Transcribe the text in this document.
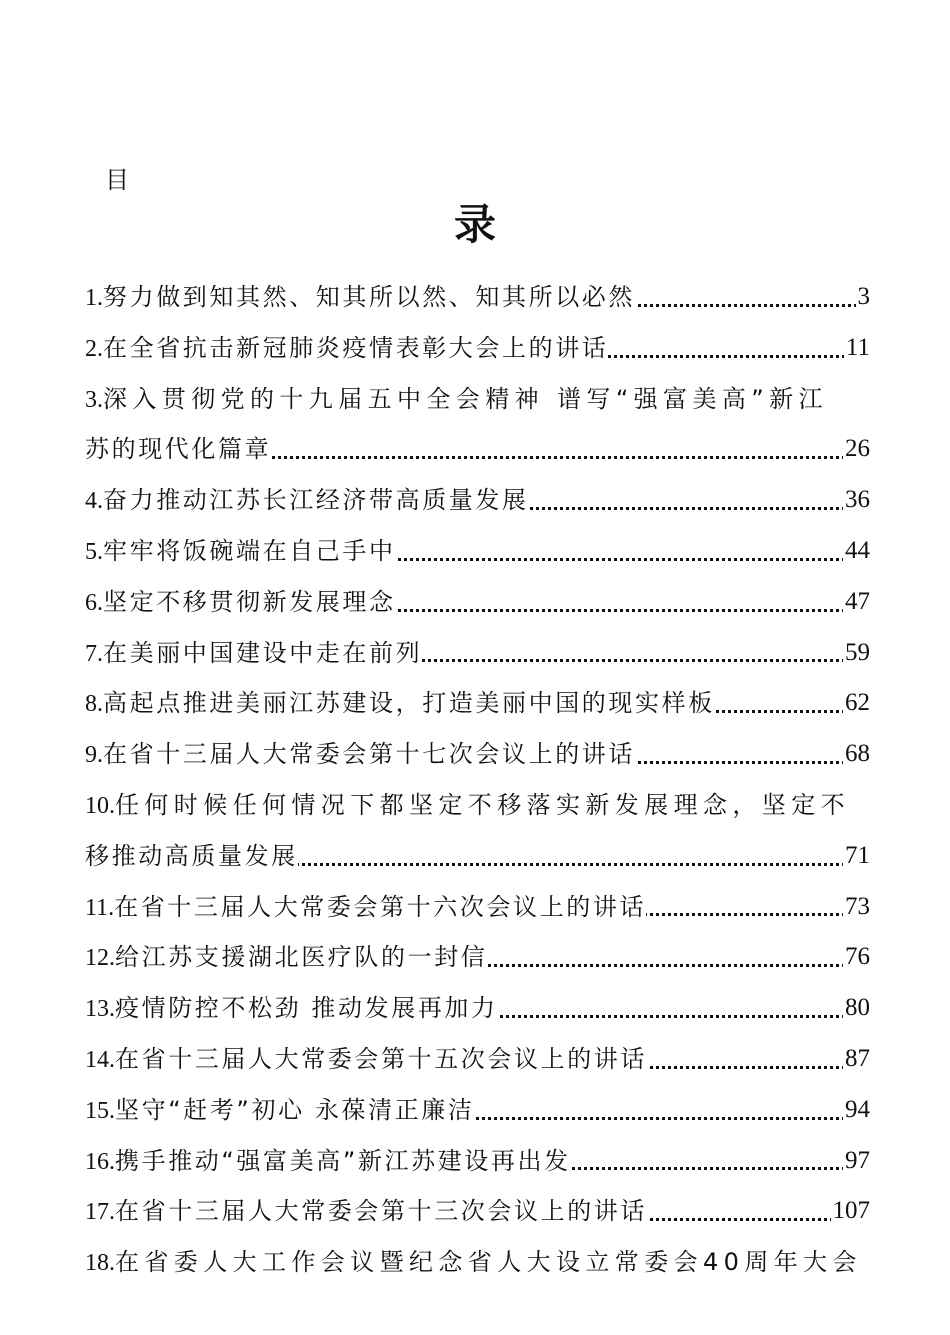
目
录
1.努力做到知其然、知其所以然、知其所以必然	3
2.在全省抗击新冠肺炎疫情表彰大会上的讲话	11
3.深入贯彻党的十九届五中全会精神 谱写“强富美高”新江
苏的现代化篇章	26
4.奋力推动江苏长江经济带高质量发展	36
5.牢牢将饭碗端在自己手中	44
6.坚定不移贯彻新发展理念	47
7.在美丽中国建设中走在前列	59
8.高起点推进美丽江苏建设，打造美丽中国的现实样板	62
9.在省十三届人大常委会第十七次会议上的讲话	68
10.任何时候任何情况下都坚定不移落实新发展理念，坚定不
移推动高质量发展	71
11.在省十三届人大常委会第十六次会议上的讲话	73
12.给江苏支援湖北医疗队的一封信	76
13.疫情防控不松劲 推动发展再加力	80
14.在省十三届人大常委会第十五次会议上的讲话	87
15.坚守“赶考”初心 永葆清正廉洁	94
16.携手推动“强富美高”新江苏建设再出发	97
17.在省十三届人大常委会第十三次会议上的讲话	107
18.在省委人大工作会议暨纪念省人大设立常委会40周年大会
